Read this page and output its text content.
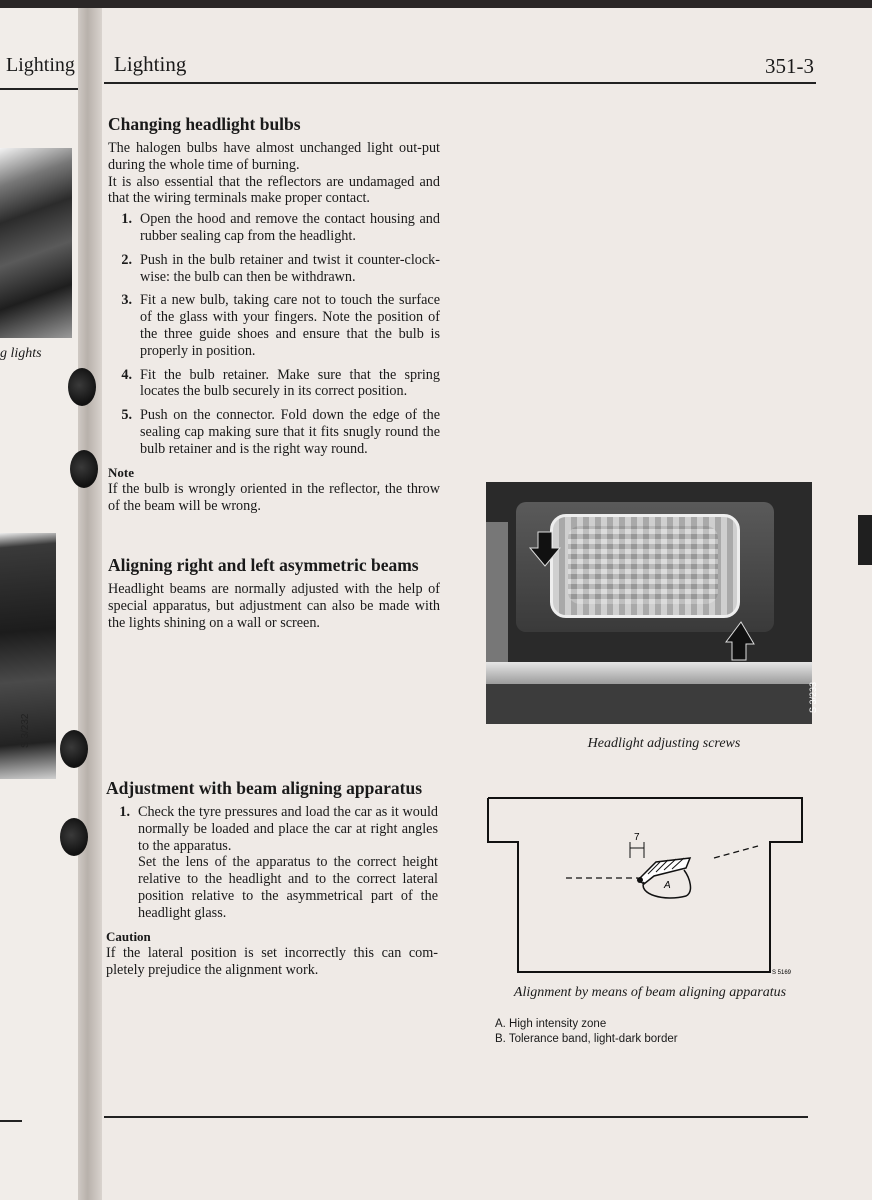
Lighting
g lights
S 3/232
Lighting	351-3
Changing headlight bulbs

The halogen bulbs have almost unchanged light out-put during the whole time of burning.

It is also essential that the reflectors are undamaged and that the wiring terminals make proper contact.

1. Open the hood and remove the contact housing and rubber sealing cap from the headlight.
2. Push in the bulb retainer and twist it counter-clock-wise: the bulb can then be withdrawn.
3. Fit a new bulb, taking care not to touch the surface of the glass with your fingers. Note the position of the three guide shoes and ensure that the bulb is properly in position.
4. Fit the bulb retainer. Make sure that the spring locates the bulb securely in its correct position.
5. Push on the connector. Fold down the edge of the sealing cap making sure that it fits snugly round the bulb retainer and is the right way round.
Note

If the bulb is wrongly oriented in the reflector, the throw of the beam will be wrong.

Aligning right and left asymmetric beams

Headlight beams are normally adjusted with the help of special apparatus, but adjustment can also be made with the lights shining on a wall or screen.

Adjustment with beam aligning apparatus
1. Check the tyre pressures and load the car as it would normally be loaded and place the car at right angles to the apparatus.
Set the lens of the apparatus to the correct height relative to the headlight and to the correct lateral position relative to the asymmetrical part of the headlight glass.
Caution

If the lateral position is set incorrectly this can com-pletely prejudice the alignment work.

S 3/233
Headlight adjusting screws
7
A
S 5169
Alignment by means of beam aligning apparatus
A. High intensity zone
B. Tolerance band, light-dark border
